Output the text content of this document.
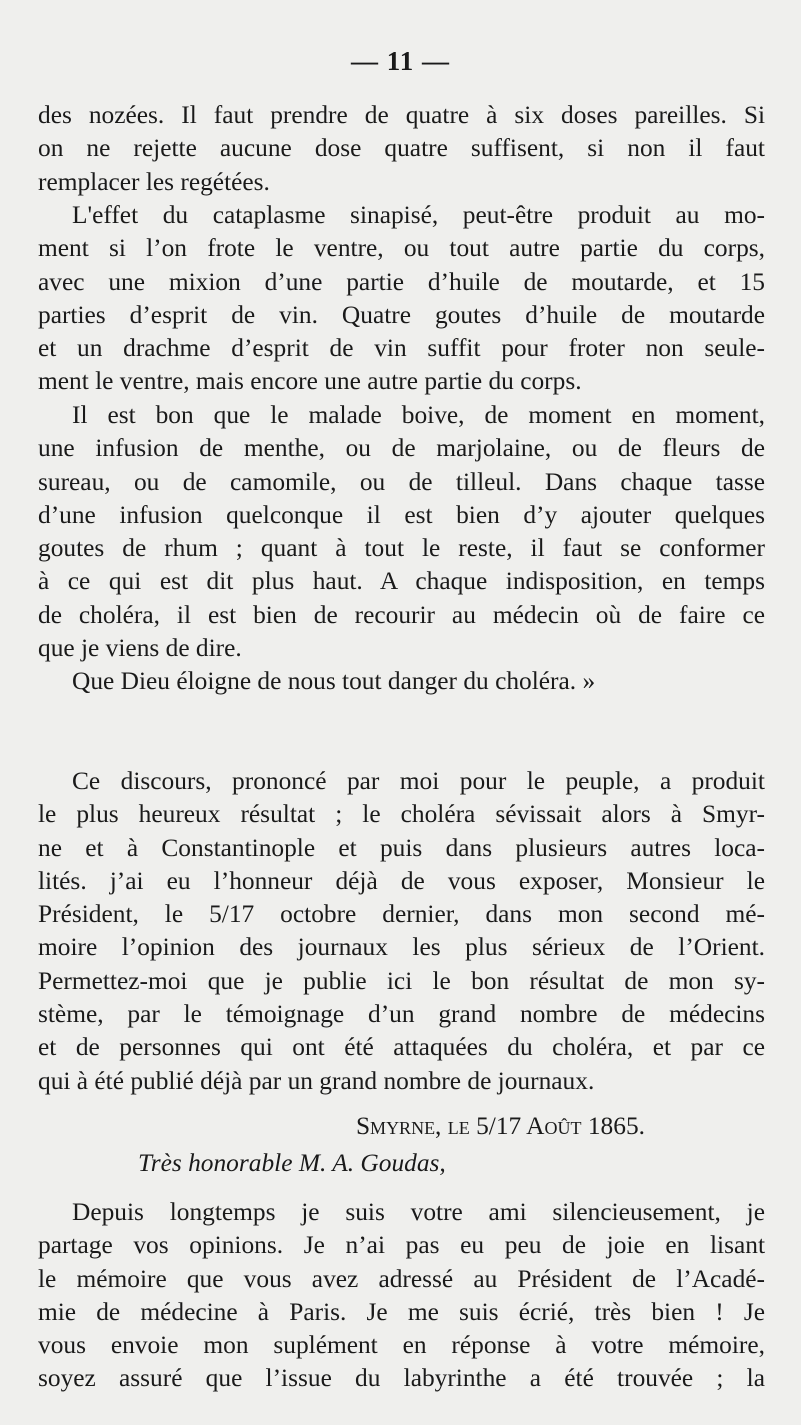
— 11 —
des nozées. Il faut prendre de quatre à six doses pareilles. Si
on ne rejette aucune dose quatre suffisent, si non il faut
remplacer les regétées.
L'effet du cataplasme sinapisé, peut-être produit au mo-
ment si l’on frote le ventre, ou tout autre partie du corps,
avec une mixion d’une partie d’huile de moutarde, et 15
parties d’esprit de vin. Quatre goutes d’huile de moutarde
et un drachme d’esprit de vin suffit pour froter non seule-
ment le ventre, mais encore une autre partie du corps.
Il est bon que le malade boive, de moment en moment,
une infusion de menthe, ou de marjolaine, ou de fleurs de
sureau, ou de camomile, ou de tilleul. Dans chaque tasse
d’une infusion quelconque il est bien d’y ajouter quelques
goutes de rhum ; quant à tout le reste, il faut se conformer
à ce qui est dit plus haut. A chaque indisposition, en temps
de choléra, il est bien de recourir au médecin où de faire ce
que je viens de dire.
Que Dieu éloigne de nous tout danger du choléra. »
Ce discours, prononcé par moi pour le peuple, a produit
le plus heureux résultat ; le choléra sévissait alors à Smyr-
ne et à Constantinople et puis dans plusieurs autres loca-
lités. j’ai eu l’honneur déjà de vous exposer, Monsieur le
Président, le 5/17 octobre dernier, dans mon second mé-
moire l’opinion des journaux les plus sérieux de l’Orient.
Permettez-moi que je publie ici le bon résultat de mon sy-
stème, par le témoignage d’un grand nombre de médecins
et de personnes qui ont été attaquées du choléra, et par ce
qui à été publié déjà par un grand nombre de journaux.
Smyrne, le 5/17 Août 1865.
Très honorable M. A. Goudas,
Depuis longtemps je suis votre ami silencieusement, je
partage vos opinions. Je n’ai pas eu peu de joie en lisant
le mémoire que vous avez adressé au Président de l’Acadé-
mie de médecine à Paris. Je me suis écrié, très bien ! Je
vous envoie mon suplément en réponse à votre mémoire,
soyez assuré que l’issue du labyrinthe a été trouvée ; la
